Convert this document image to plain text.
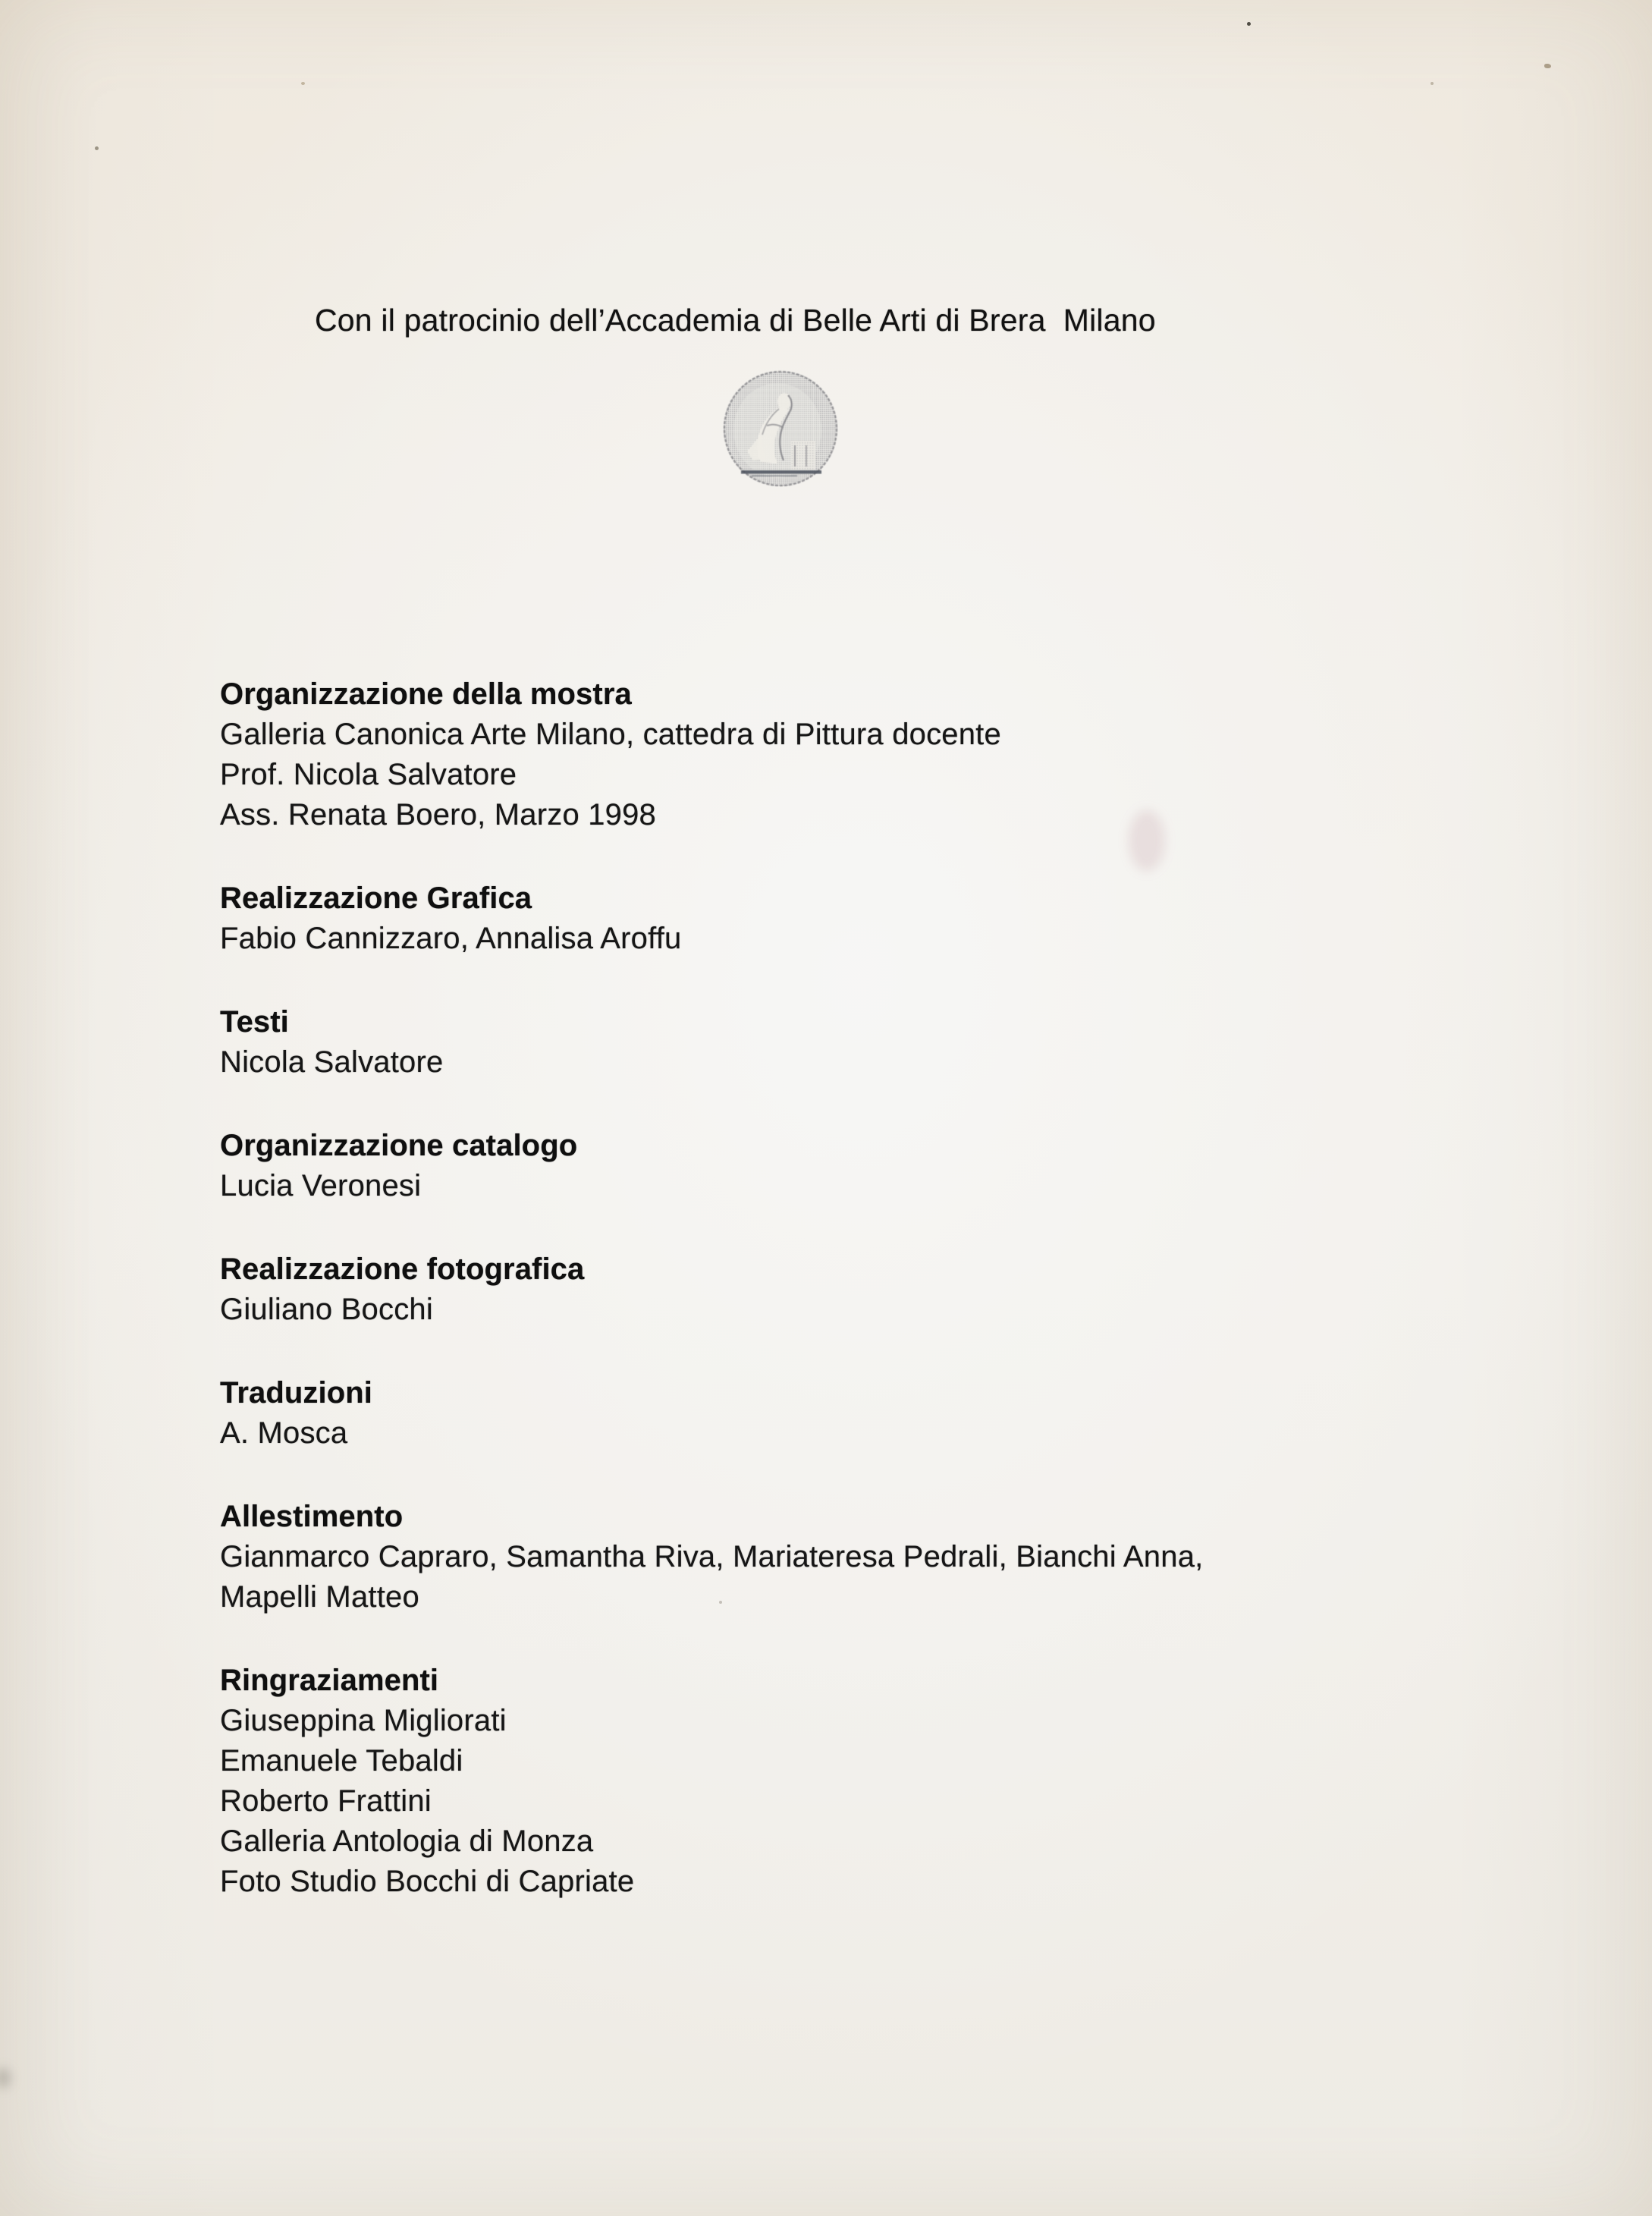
Con il patrocinio dell’Accademia di Belle Arti di Brera  Milano
Organizzazione della mostra
Galleria Canonica Arte Milano, cattedra di Pittura docente
Prof. Nicola Salvatore
Ass. Renata Boero, Marzo 1998
Realizzazione Grafica
Fabio Cannizzaro, Annalisa Aroffu
Testi
Nicola Salvatore
Organizzazione catalogo
Lucia Veronesi
Realizzazione fotografica
Giuliano Bocchi
Traduzioni
A. Mosca
Allestimento
Gianmarco Capraro, Samantha Riva, Mariateresa Pedrali, Bianchi Anna,
Mapelli Matteo
Ringraziamenti
Giuseppina Migliorati
Emanuele Tebaldi
Roberto Frattini
Galleria Antologia di Monza
Foto Studio Bocchi di Capriate
